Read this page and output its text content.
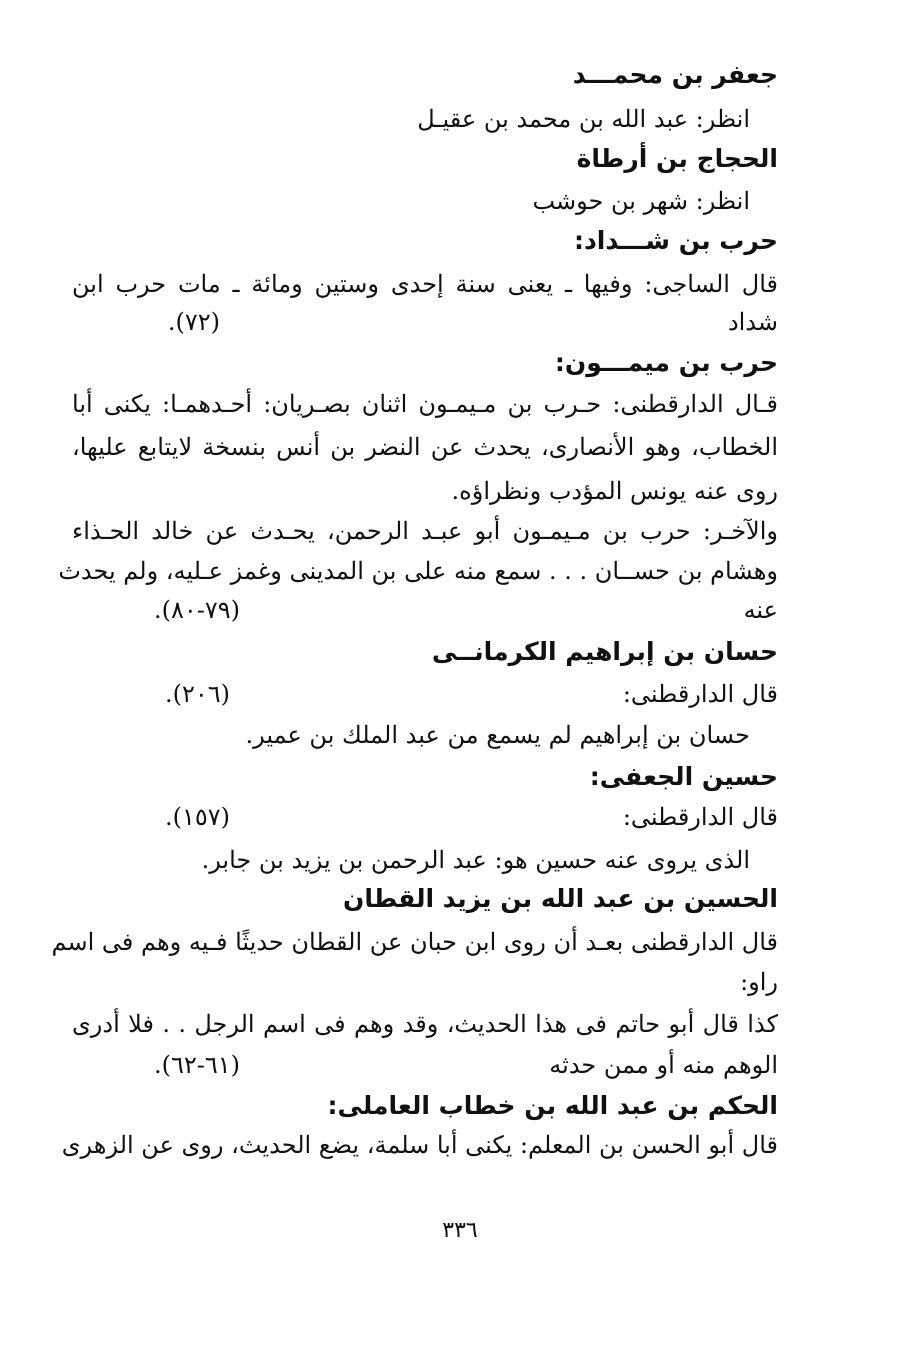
جعفر بن محمـــد
انظر: عبد الله بن محمد بن عقيـل
الحجاج بن أرطاة
انظر: شهر بن حوشب
حرب بن شـــداد:
قال الساجى: وفيها ـ يعنى سنة إحدى وستين ومائة ـ مات حرب ابن
شداد
(٧٢).
حرب بن ميمـــون:
قـال الدارقطنى: حـرب بن مـيمـون اثنان بصـريان: أحـدهمـا: يكنى أبا
الخطاب، وهو الأنصارى، يحدث عن النضر بن أنس بنسخة لايتابع عليها،
روى عنه يونس المؤدب ونظراؤه.
والآخـر: حرب بن مـيمـون أبو عبـد الرحمن، يحـدث عن خالد الحـذاء
وهشام بن حســان . . . سمع منه على بن المدينى وغمز عـليه، ولم يحدث
عنه
(٧٩-٨٠).
حسان بن إبراهيم الكرمانــى
قال الدارقطنى:
(٢٠٦).
حسان بن إبراهيم لم يسمع من عبد الملك بن عمير.
حسين الجعفى:
قال الدارقطنى:
(١٥٧).
الذى يروى عنه حسين هو: عبد الرحمن بن يزيد بن جابر.
الحسين بن عبد الله بن يزيد القطان
قال الدارقطنى بعـد أن روى ابن حبان عن القطان حديثًا فـيه وهم فى اسم
راو:
كذا قال أبو حاتم فى هذا الحديث، وقد وهم فى اسم الرجل . . فلا أدرى
الوهم منه أو ممن حدثه
(٦١-٦٢).
الحكم بن عبد الله بن خطاب العاملى:
قال أبو الحسن بن المعلم: يكنى أبا سلمة، يضع الحديث، روى عن الزهرى
٣٣٦
